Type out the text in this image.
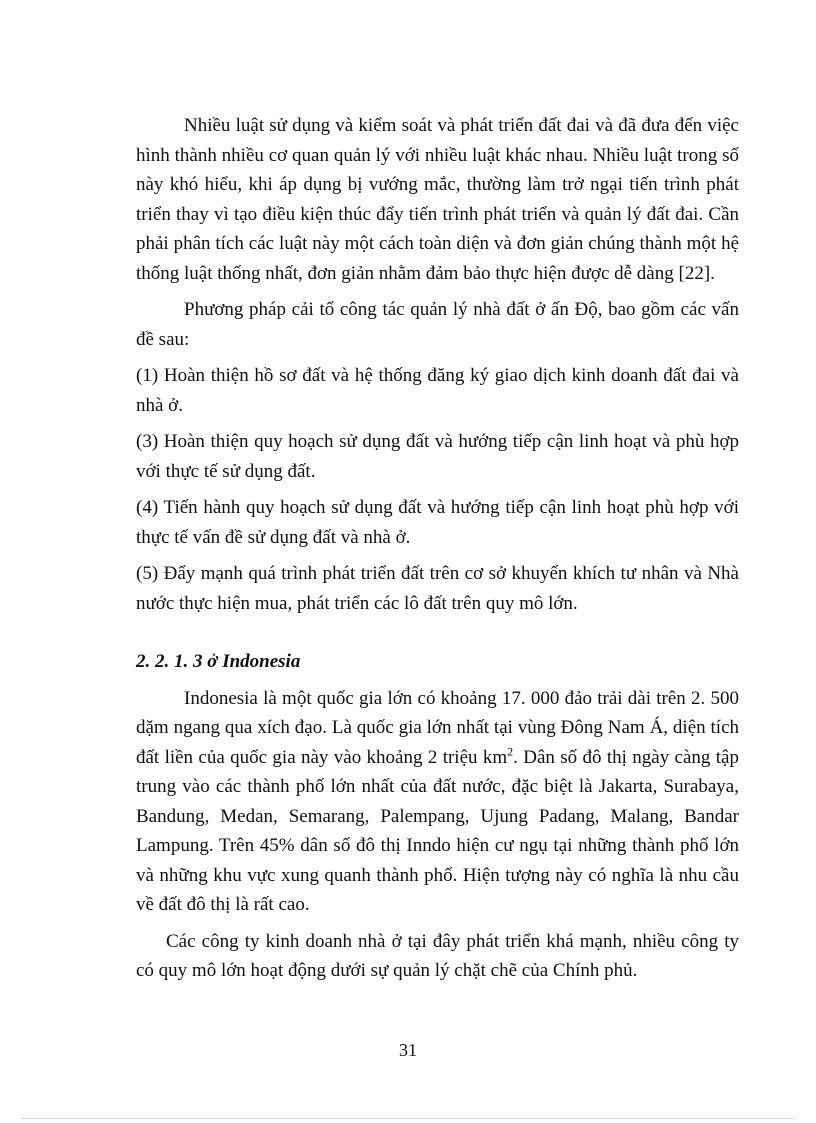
Nhiều luật sử dụng và kiểm soát và phát triển đất đai và đã đưa đến việc hình thành nhiều cơ quan quản lý với nhiều luật khác nhau. Nhiều luật trong số này khó hiểu, khi áp dụng bị vướng mắc, thường làm trở ngại tiến trình phát triển thay vì tạo điều kiện thúc đẩy tiến trình phát triển và quản lý đất đai. Cần phải phân tích các luật này một cách toàn diện và đơn giản chúng thành một hệ thống luật thống nhất, đơn giản nhằm đảm bảo thực hiện được dễ dàng [22].

Phương pháp cải tổ công tác quản lý nhà đất ở ấn Độ, bao gồm các vấn đề sau:

(1) Hoàn thiện hồ sơ đất và hệ thống đăng ký giao dịch kinh doanh đất đai và nhà ở.

(3) Hoàn thiện quy hoạch sử dụng đất và hướng tiếp cận linh hoạt và phù hợp với thực tế sử dụng đất.

(4) Tiến hành quy hoạch sử dụng đất và hướng tiếp cận linh hoạt phù hợp với thực tế vấn đề sử dụng đất và nhà ở.

(5) Đẩy mạnh quá trình phát triển đất trên cơ sở khuyến khích tư nhân và Nhà nước thực hiện mua, phát triển các lô đất trên quy mô lớn.

2. 2. 1. 3 ở Indonesia

Indonesia là một quốc gia lớn có khoảng 17. 000 đảo trải dài trên 2. 500 dặm ngang qua xích đạo. Là quốc gia lớn nhất tại vùng Đông Nam Á, diện tích đất liền của quốc gia này vào khoảng 2 triệu $km^2$. Dân số đô thị ngày càng tập trung vào các thành phố lớn nhất của đất nước, đặc biệt là Jakarta, Surabaya, Bandung, Medan, Semarang, Palempang, Ujung Padang, Malang, Bandar Lampung. Trên 45% dân số đô thị Inndo hiện cư ngụ tại những thành phố lớn và những khu vực xung quanh thành phố. Hiện tượng này có nghĩa là nhu cầu về đất đô thị là rất cao.

Các công ty kinh doanh nhà ở tại đây phát triển khá mạnh, nhiều công ty có quy mô lớn hoạt động dưới sự quản lý chặt chẽ của Chính phủ.

31
